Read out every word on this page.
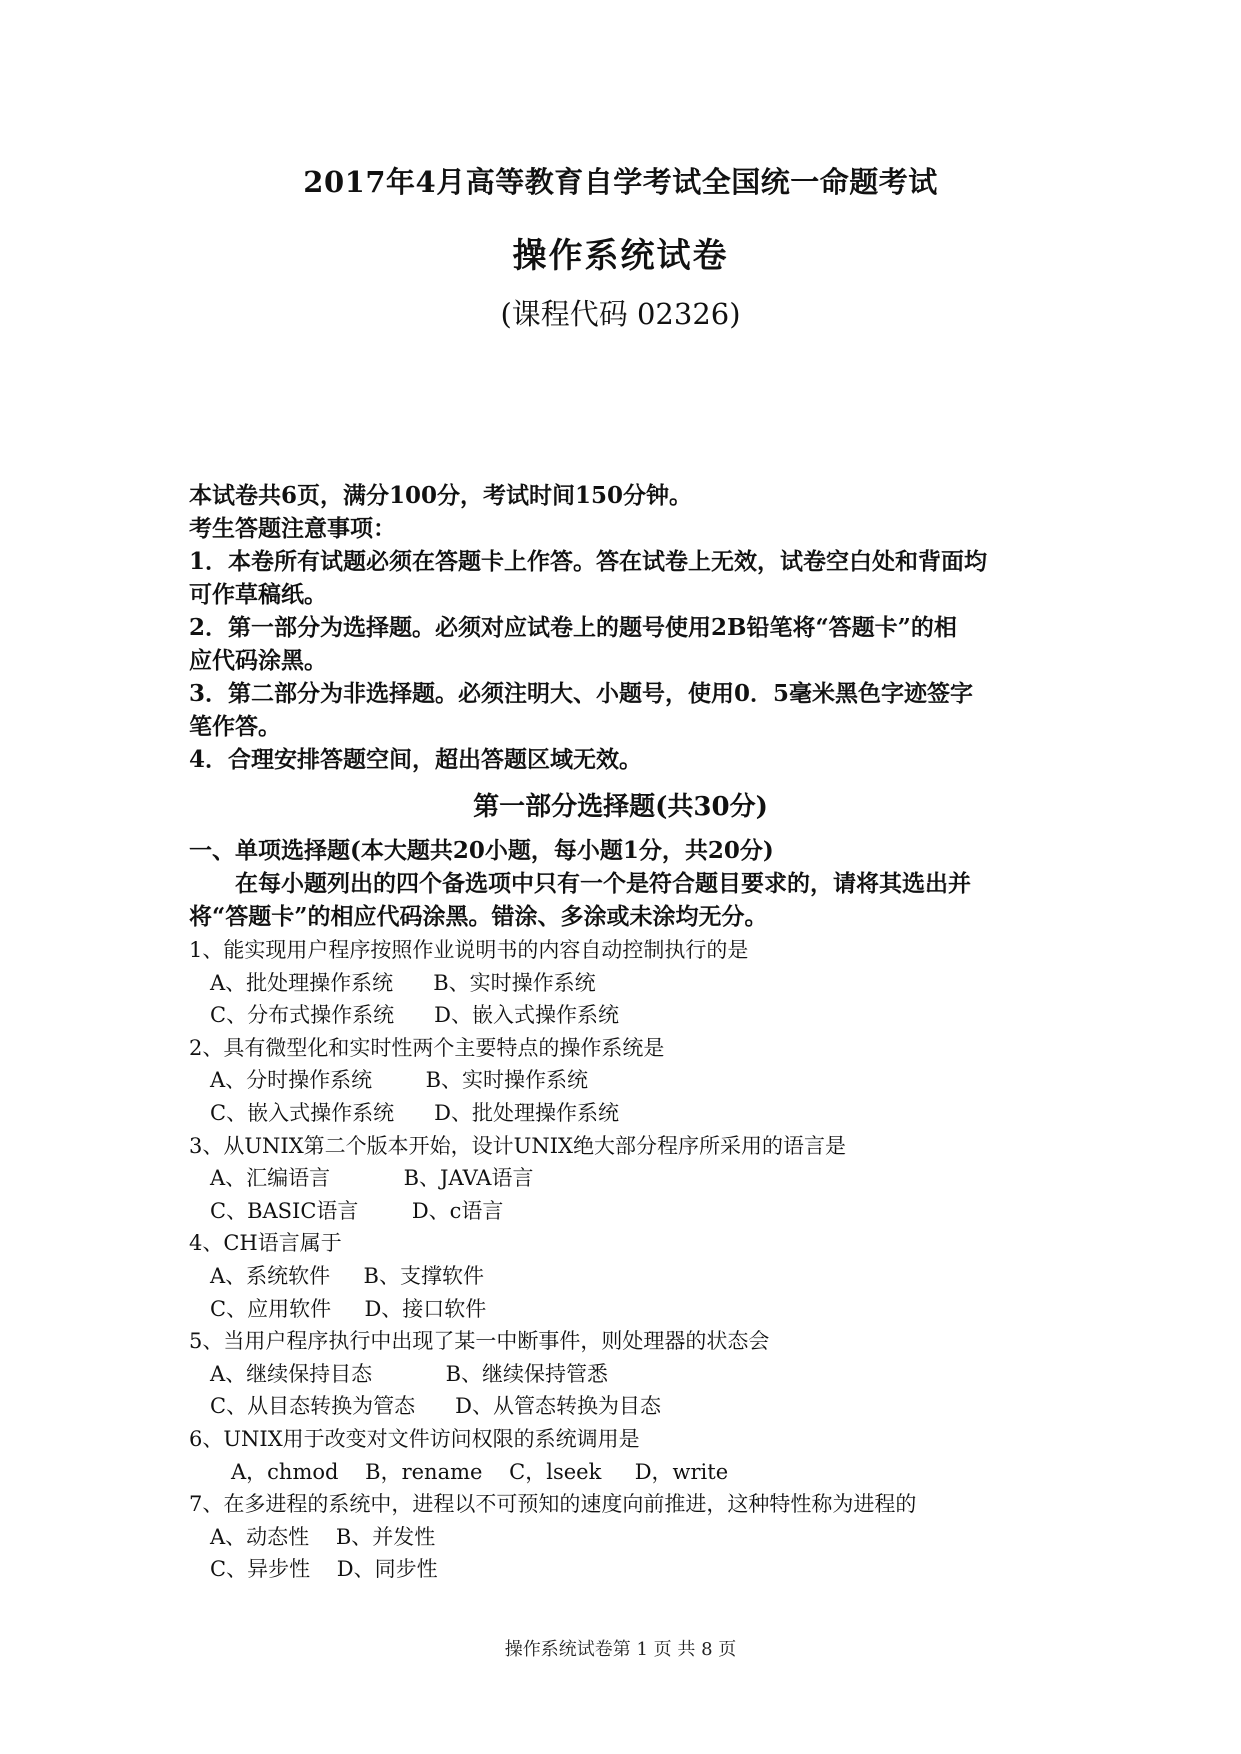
2017年4月高等教育自学考试全国统一命题考试
操作系统试卷
(课程代码 02326)
本试卷共6页，满分100分，考试时间150分钟。
考生答题注意事项：
1．本卷所有试题必须在答题卡上作答。答在试卷上无效，试卷空白处和背面均
可作草稿纸。
2．第一部分为选择题。必须对应试卷上的题号使用2B铅笔将“答题卡”的相
应代码涂黑。
3．第二部分为非选择题。必须注明大、小题号，使用0．5毫米黑色字迹签字
笔作答。
4．合理安排答题空间，超出答题区域无效。
第一部分选择题(共30分)
一、单项选择题(本大题共20小题，每小题1分，共20分)
在每小题列出的四个备选项中只有一个是符合题目要求的，请将其选出并
将“答题卡”的相应代码涂黑。错涂、多涂或未涂均无分。
1、能实现用户程序按照作业说明书的内容自动控制执行的是
A、批处理操作系统      B、实时操作系统
C、分布式操作系统      D、嵌入式操作系统
2、具有微型化和实时性两个主要特点的操作系统是
A、分时操作系统        B、实时操作系统
C、嵌入式操作系统      D、批处理操作系统
3、从UNIX第二个版本开始，设计UNIX绝大部分程序所采用的语言是
A、汇编语言           B、JAVA语言
C、BASIC语言        D、c语言
4、CH语言属于
A、系统软件     B、支撑软件
C、应用软件     D、接口软件
5、当用户程序执行中出现了某一中断事件，则处理器的状态会
A、继续保持目态           B、继续保持管悉
C、从目态转换为管态      D、从管态转换为目态
6、UNIX用于改变对文件访问权限的系统调用是
A，chmod    B，rename    C，lseek     D，write
7、在多进程的系统中，进程以不可预知的速度向前推进，这种特性称为进程的
A、动态性    B、并发性
C、异步性    D、同步性
操作系统试卷第 1 页 共 8 页
